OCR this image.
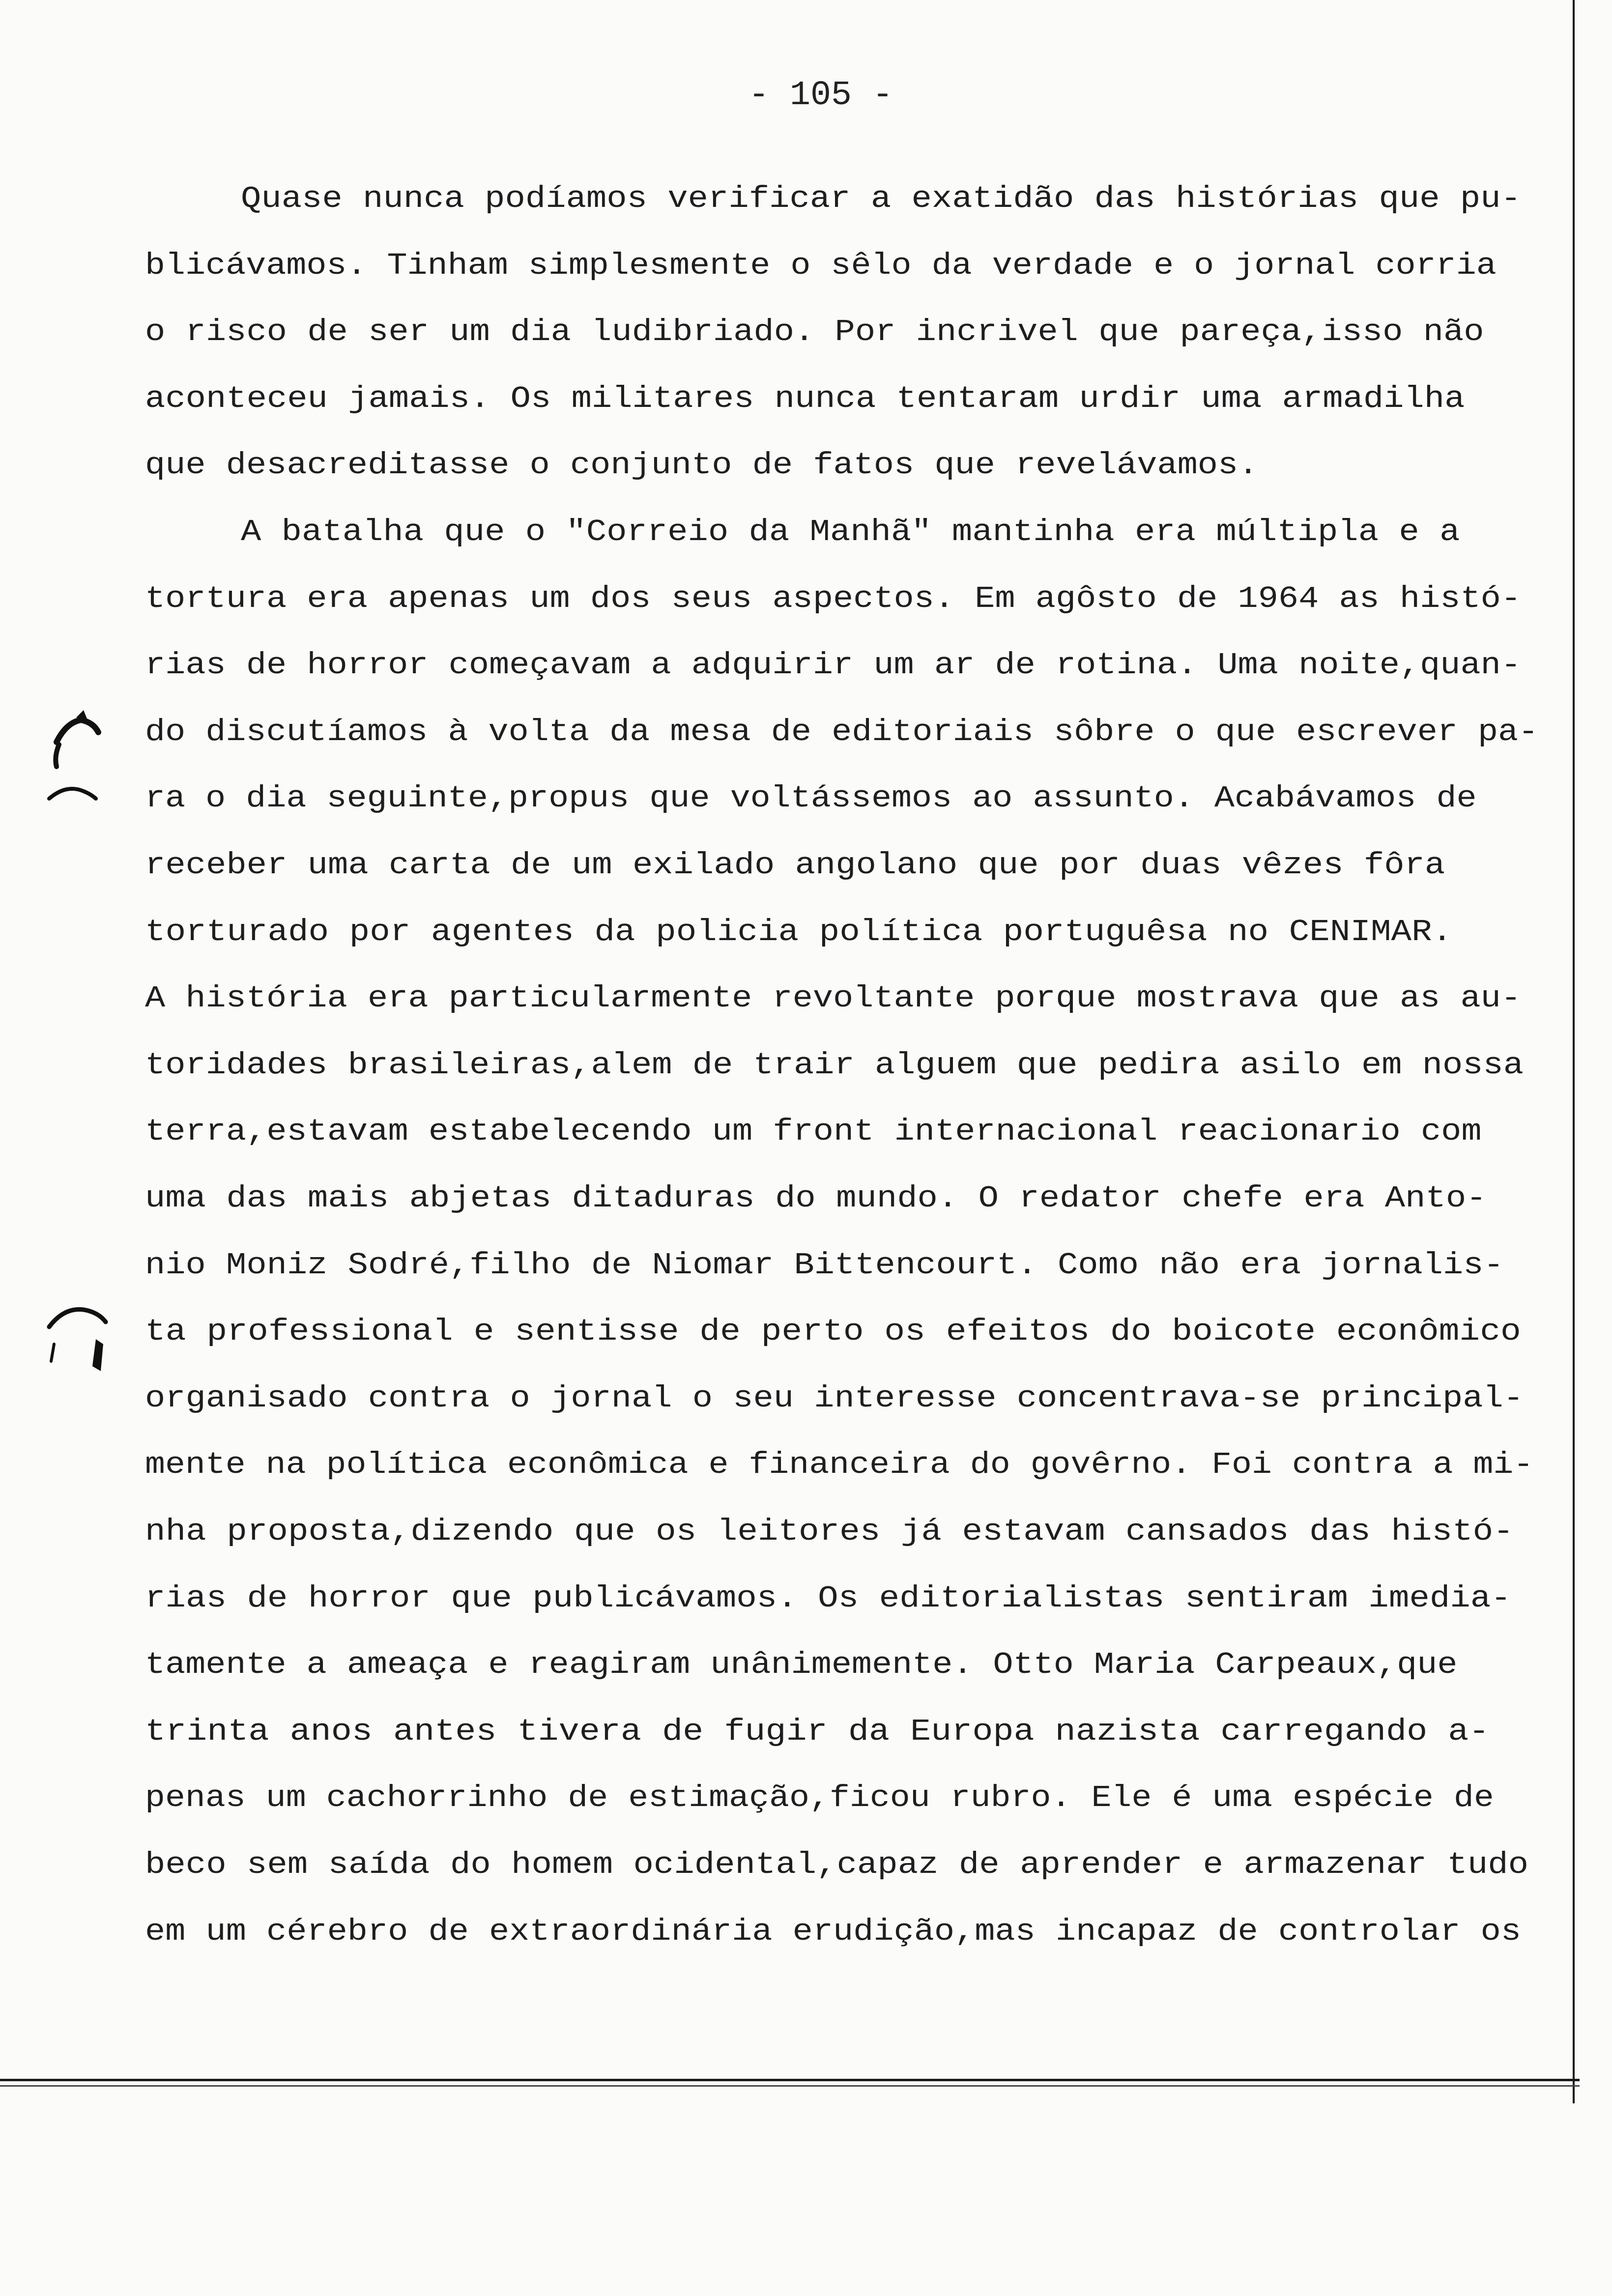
- 105 -
Quase nunca podíamos verificar a exatidão das histórias que pu-
blicávamos. Tinham simplesmente o sêlo da verdade e o jornal corria
o risco de ser um dia ludibriado. Por incrivel que pareça,isso não
aconteceu jamais. Os militares nunca tentaram urdir uma armadilha
que desacreditasse o conjunto de fatos que revelávamos.
A batalha que o "Correio da Manhã" mantinha era múltipla e a
tortura era apenas um dos seus aspectos. Em agôsto de 1964 as histó-
rias de horror começavam a adquirir um ar de rotina. Uma noite,quan-
do discutíamos à volta da mesa de editoriais sôbre o que escrever pa-
ra o dia seguinte,propus que voltássemos ao assunto. Acabávamos de
receber uma carta de um exilado angolano que por duas vêzes fôra
torturado por agentes da policia política portuguêsa no CENIMAR.
A história era particularmente revoltante porque mostrava que as au-
toridades brasileiras,alem de trair alguem que pedira asilo em nossa
terra,estavam estabelecendo um front internacional reacionario com
uma das mais abjetas ditaduras do mundo. O redator chefe era Anto-
nio Moniz Sodré,filho de Niomar Bittencourt. Como não era jornalis-
ta professional e sentisse de perto os efeitos do boicote econômico
organisado contra o jornal o seu interesse concentrava-se principal-
mente na política econômica e financeira do govêrno. Foi contra a mi-
nha proposta,dizendo que os leitores já estavam cansados das histó-
rias de horror que publicávamos. Os editorialistas sentiram imedia-
tamente a ameaça e reagiram unânimemente. Otto Maria Carpeaux,que
trinta anos antes tivera de fugir da Europa nazista carregando a-
penas um cachorrinho de estimação,ficou rubro. Ele é uma espécie de
beco sem saída do homem ocidental,capaz de aprender e armazenar tudo
em um cérebro de extraordinária erudição,mas incapaz de controlar os
